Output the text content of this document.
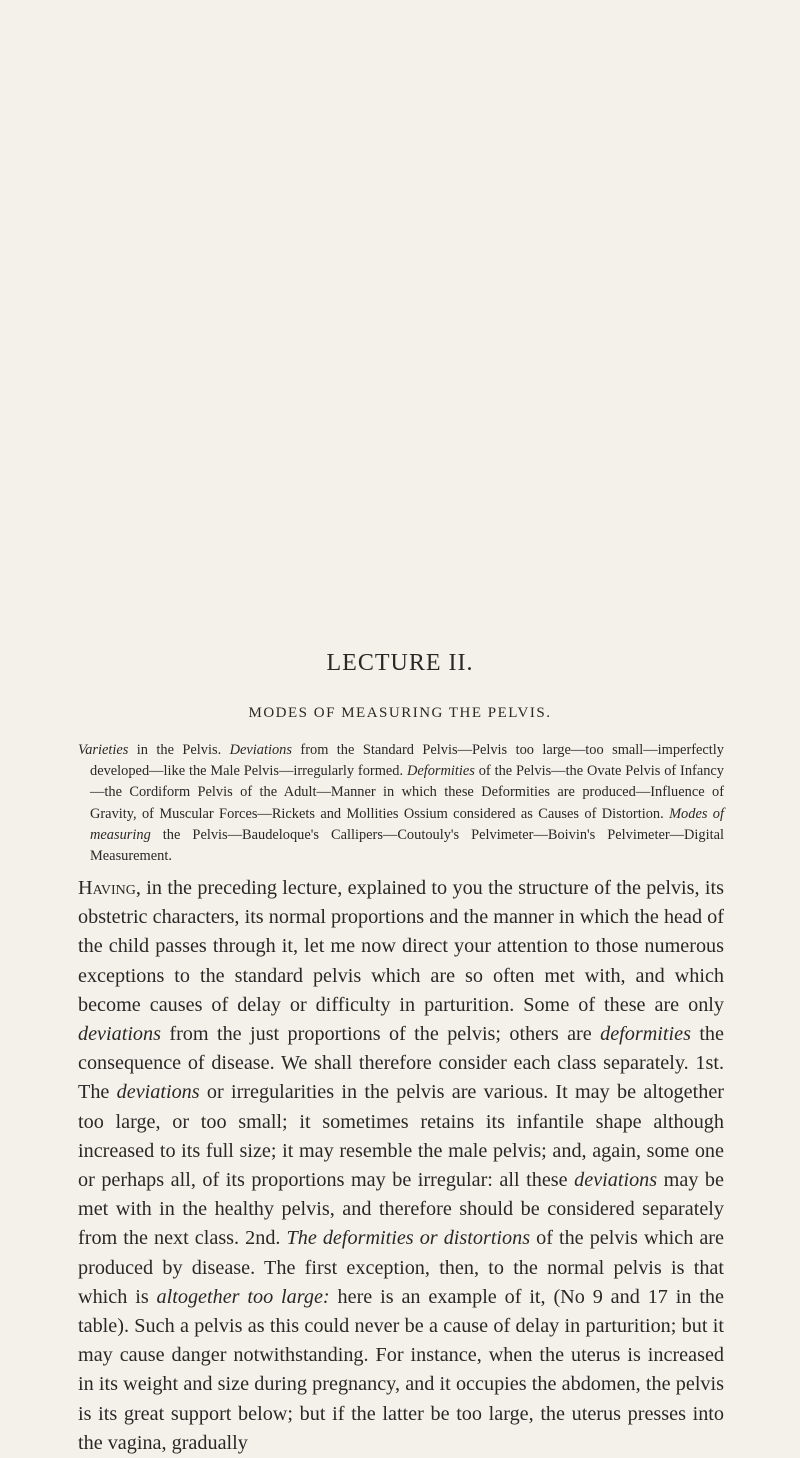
LECTURE II.
MODES OF MEASURING THE PELVIS.

Varieties in the Pelvis. Deviations from the Standard Pelvis—Pelvis too large—too small—imperfectly developed—like the Male Pelvis—irregularly formed. Deformities of the Pelvis—the Ovate Pelvis of Infancy—the Cordiform Pelvis of the Adult—Manner in which these Deformities are produced—Influence of Gravity, of Muscular Forces—Rickets and Mollities Ossium considered as Causes of Distortion. Modes of measuring the Pelvis—Baudeloque's Callipers—Coutouly's Pelvimeter—Boivin's Pelvimeter—Digital Measurement.

Having, in the preceding lecture, explained to you the structure of the pelvis, its obstetric characters, its normal proportions and the manner in which the head of the child passes through it, let me now direct your attention to those numerous exceptions to the standard pelvis which are so often met with, and which become causes of delay or difficulty in parturition. Some of these are only deviations from the just proportions of the pelvis; others are deformities the consequence of disease. We shall therefore consider each class separately. 1st. The deviations or irregularities in the pelvis are various. It may be altogether too large, or too small; it sometimes retains its infantile shape although increased to its full size; it may resemble the male pelvis; and, again, some one or perhaps all, of its proportions may be irregular: all these deviations may be met with in the healthy pelvis, and therefore should be considered separately from the next class. 2nd. The deformities or distortions of the pelvis which are produced by disease. The first exception, then, to the normal pelvis is that which is altogether too large: here is an example of it, (No 9 and 17 in the table). Such a pelvis as this could never be a cause of delay in parturition; but it may cause danger notwithstanding. For instance, when the uterus is increased in its weight and size during pregnancy, and it occupies the abdomen, the pelvis is its great support below; but if the latter be too large, the uterus presses into the vagina, gradually
